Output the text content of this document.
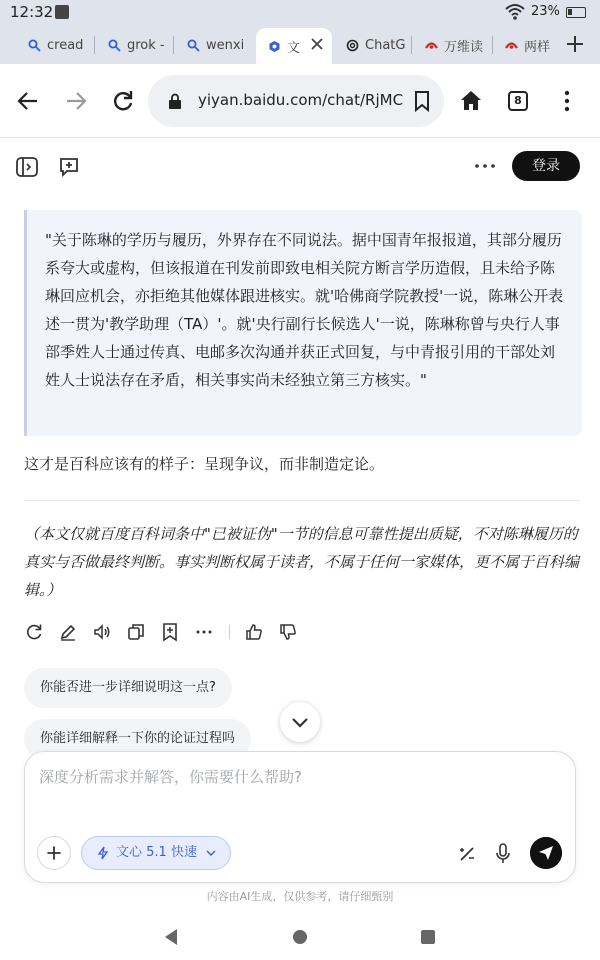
12:32	23%
cread	grok -	wenxi	文	ChatG	万维读	两样
yiyan.baidu.com/chat/RjMC	8
登录

"关于陈琳的学历与履历，外界存在不同说法。据中国青年报报道，其部分履历系夸大或虚构，但该报道在刊发前即致电相关院方断言学历造假，且未给予陈琳回应机会，亦拒绝其他媒体跟进核实。就'哈佛商学院教授'一说，陈琳公开表述一贯为'教学助理（TA）'。就'央行副行长候选人'一说，陈琳称曾与央行人事部季姓人士通过传真、电邮多次沟通并获正式回复，与中青报引用的干部处刘姓人士说法存在矛盾，相关事实尚未经独立第三方核实。"

这才是百科应该有的样子：呈现争议，而非制造定论。

（本文仅就百度百科词条中"已被证伪"一节的信息可靠性提出质疑，不对陈琳履历的真实与否做最终判断。事实判断权属于读者，不属于任何一家媒体，更不属于百科编辑。）

你能否进一步详细说明这一点?
你能详细解释一下你的论证过程吗
深度分析需求并解答，你需要什么帮助?
文心 5.1 快速
内容由AI生成，仅供参考，请仔细甄别
